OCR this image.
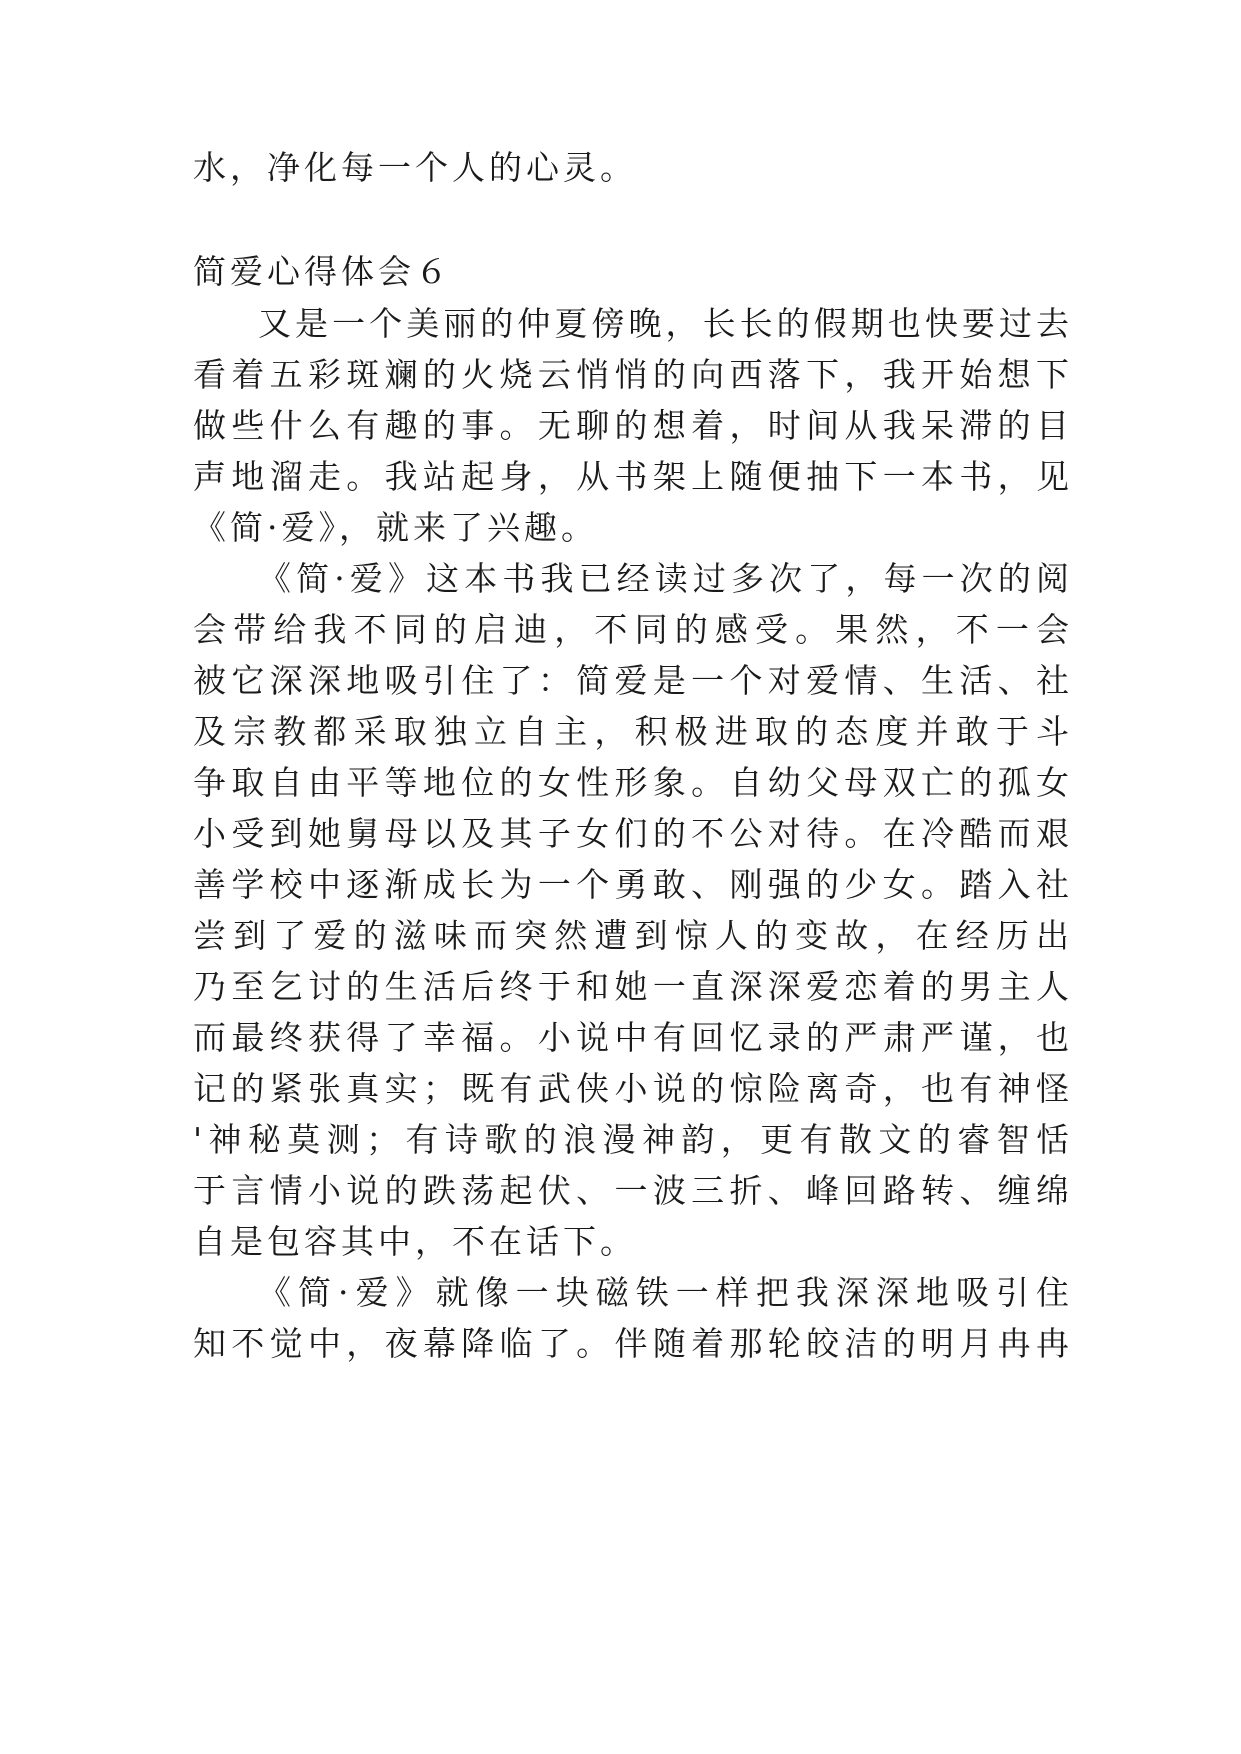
水，净化每一个人的心灵。
简爱心得体会６
又是一个美丽的仲夏傍晚，长长的假期也快要过去
看着五彩斑斓的火烧云悄悄的向西落下，我开始想下
做些什么有趣的事。无聊的想着，时间从我呆滞的目
声地溜走。我站起身，从书架上随便抽下一本书，见
《简·爱》，就来了兴趣。
《简·爱》这本书我已经读过多次了，每一次的阅
会带给我不同的启迪，不同的感受。果然，不一会
被它深深地吸引住了：简爱是一个对爱情、生活、社
及宗教都采取独立自主，积极进取的态度并敢于斗
争取自由平等地位的女性形象。自幼父母双亡的孤女
小受到她舅母以及其子女们的不公对待。在冷酷而艰
善学校中逐渐成长为一个勇敢、刚强的少女。踏入社
尝到了爱的滋味而突然遭到惊人的变故，在经历出
乃至乞讨的生活后终于和她一直深深爱恋着的男主人
而最终获得了幸福。小说中有回忆录的严肃严谨，也
记的紧张真实；既有武侠小说的惊险离奇，也有神怪
'神秘莫测；有诗歌的浪漫神韵，更有散文的睿智恬
于言情小说的跌荡起伏、一波三折、峰回路转、缠绵
自是包容其中，不在话下。
《简·爱》就像一块磁铁一样把我深深地吸引住
知不觉中，夜幕降临了。伴随着那轮皎洁的明月冉冉
